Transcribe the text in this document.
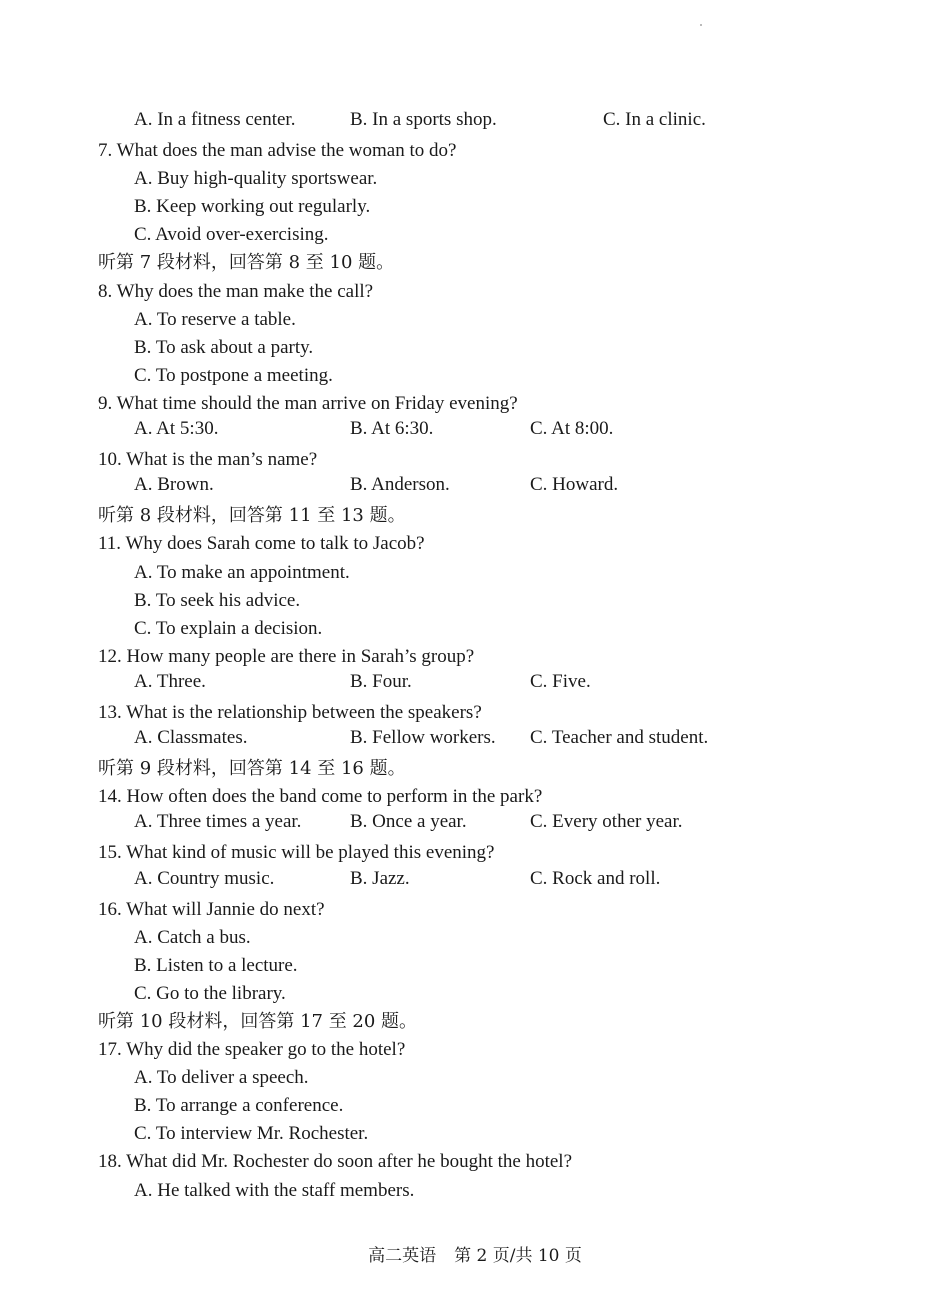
A. In a fitness center.	B. In a sports shop.	C. In a clinic.
7. What does the man advise the woman to do?
A. Buy high-quality sportswear.
B. Keep working out regularly.
C. Avoid over-exercising.
听第 7 段材料，回答第 8 至 10 题。
8. Why does the man make the call?
A. To reserve a table.
B. To ask about a party.
C. To postpone a meeting.
9. What time should the man arrive on Friday evening?
A. At 5:30.	B. At 6:30.	C. At 8:00.
10. What is the man’s name?
A. Brown.	B. Anderson.	C. Howard.
听第 8 段材料，回答第 11 至 13 题。
11. Why does Sarah come to talk to Jacob?
A. To make an appointment.
B. To seek his advice.
C. To explain a decision.
12. How many people are there in Sarah’s group?
A. Three.	B. Four.	C. Five.
13. What is the relationship between the speakers?
A. Classmates.	B. Fellow workers. C. Teacher and student.
听第 9 段材料，回答第 14 至 16 题。
14. How often does the band come to perform in the park?
A. Three times a year.	B. Once a year.	C. Every other year.
15. What kind of music will be played this evening?
A. Country music.	B. Jazz.	C. Rock and roll.
16. What will Jannie do next?
A. Catch a bus.
B. Listen to a lecture.
C. Go to the library.
听第 10 段材料，回答第 17 至 20 题。
17. Why did the speaker go to the hotel?
A. To deliver a speech.
B. To arrange a conference.
C. To interview Mr. Rochester.
18. What did Mr. Rochester do soon after he bought the hotel?
A. He talked with the staff members.
高二英语 第 2 页/共 10 页
